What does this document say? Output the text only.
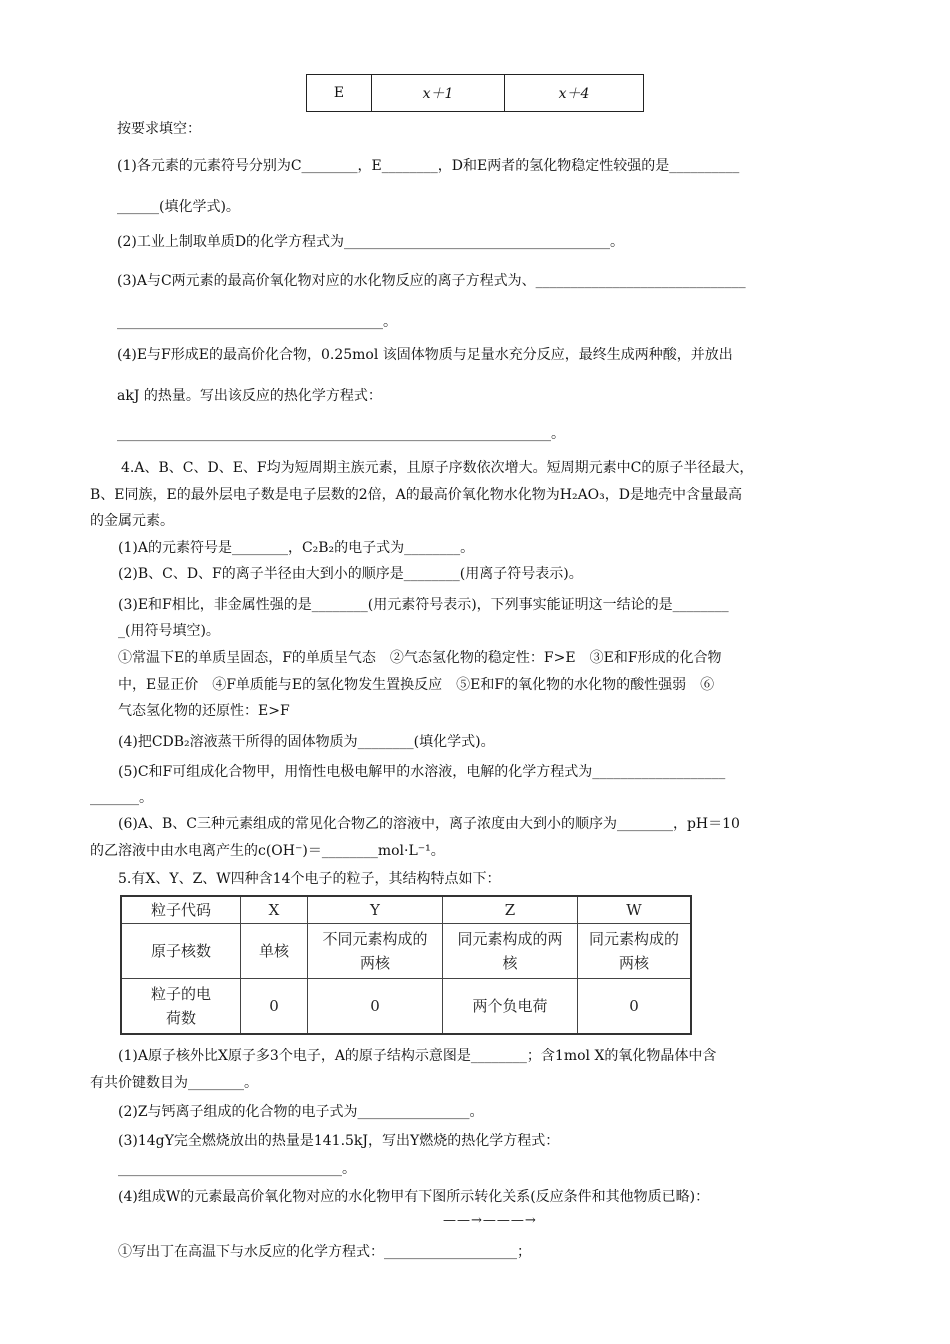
E	x＋1	x＋4
按要求填空：
(1)各元素的元素符号分别为C________，E________，D和E两者的氢化物稳定性较强的是__________
______(填化学式)。
(2)工业上制取单质D的化学方程式为______________________________________。
(3)A与C两元素的最高价氧化物对应的水化物反应的离子方程式为、______________________________
______________________________________。
(4)E与F形成E的最高价化合物，0.25mol 该固体物质与足量水充分反应，最终生成两种酸，并放出
akJ 的热量。写出该反应的热化学方程式：
______________________________________________________________。
4.A、B、C、D、E、F均为短周期主族元素，且原子序数依次增大。短周期元素中C的原子半径最大，
B、E同族，E的最外层电子数是电子层数的2倍，A的最高价氧化物水化物为H₂AO₃，D是地壳中含量最高
的金属元素。
(1)A的元素符号是________，C₂B₂的电子式为________。
(2)B、C、D、F的离子半径由大到小的顺序是________(用离子符号表示)。
(3)E和F相比，非金属性强的是________(用元素符号表示)，下列事实能证明这一结论的是________
_(用符号填空)。
①常温下E的单质呈固态，F的单质呈气态　②气态氢化物的稳定性：F>E　③E和F形成的化合物
中，E显正价　④F单质能与E的氢化物发生置换反应　⑤E和F的氧化物的水化物的酸性强弱　⑥
气态氢化物的还原性：E>F
(4)把CDB₂溶液蒸干所得的固体物质为________(填化学式)。
(5)C和F可组成化合物甲，用惰性电极电解甲的水溶液，电解的化学方程式为___________________
_______。
(6)A、B、C三种元素组成的常见化合物乙的溶液中，离子浓度由大到小的顺序为________，pH＝10
的乙溶液中由水电离产生的c(OH⁻)＝________mol·L⁻¹。
5.有X、Y、Z、W四种含14个电子的粒子，其结构特点如下：
粒子代码	X	Y	Z	W
原子核数	单核	不同元素构成的两核	同元素构成的两核	同元素构成的两核
粒子的电荷数	0	0	两个负电荷	0
(1)A原子核外比X原子多3个电子，A的原子结构示意图是________；含1mol X的氧化物晶体中含
有共价键数目为________。
(2)Z与钙离子组成的化合物的电子式为________________。
(3)14gY完全燃烧放出的热量是141.5kJ，写出Y燃烧的热化学方程式：
________________________________。
(4)组成W的元素最高价氧化物对应的水化物甲有下图所示转化关系(反应条件和其他物质已略)：
——→———→
①写出丁在高温下与水反应的化学方程式：___________________；
